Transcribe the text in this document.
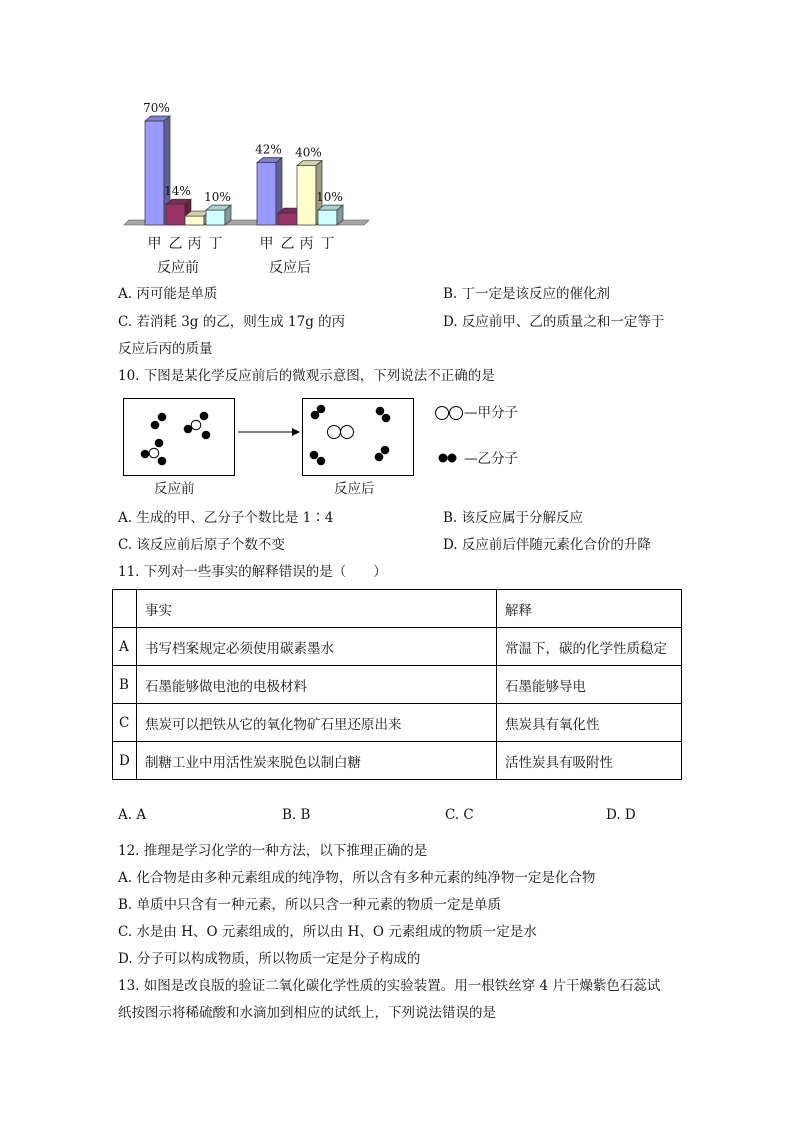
70%
甲
14%
乙 丙
10%
丁
反应前
42%
甲 乙
40%
丙
10%
丁
反应后
A. 丙可能是单质	B. 丁一定是该反应的催化剂
C. 若消耗 3g 的乙，则生成 17g 的丙	D. 反应前甲、乙的质量之和一定等于
反应后丙的质量
10. 下图是某化学反应前后的微观示意图，下列说法不正确的是
—甲分子
—乙分子
反应前	反应后
A. 生成的甲、乙分子个数比是 1∶4	B. 该反应属于分解反应
C. 该反应前后原子个数不变	D. 反应前后伴随元素化合价的升降
11. 下列对一些事实的解释错误的是（　　）
	事实	解释
A	书写档案规定必须使用碳素墨水	常温下，碳的化学性质稳定
B	石墨能够做电池的电极材料	石墨能够导电
C	焦炭可以把铁从它的氧化物矿石里还原出来	焦炭具有氧化性
D	制糖工业中用活性炭来脱色以制白糖	活性炭具有吸附性
A. A	B. B	C. C	D. D
12. 推理是学习化学的一种方法，以下推理正确的是
A. 化合物是由多种元素组成的纯净物，所以含有多种元素的纯净物一定是化合物
B. 单质中只含有一种元素，所以只含一种元素的物质一定是单质
C. 水是由 H、O 元素组成的，所以由 H、O 元素组成的物质一定是水
D. 分子可以构成物质，所以物质一定是分子构成的
13. 如图是改良版的验证二氧化碳化学性质的实验装置。用一根铁丝穿 4 片干燥紫色石蕊试
纸按图示将稀硫酸和水滴加到相应的试纸上，下列说法错误的是
